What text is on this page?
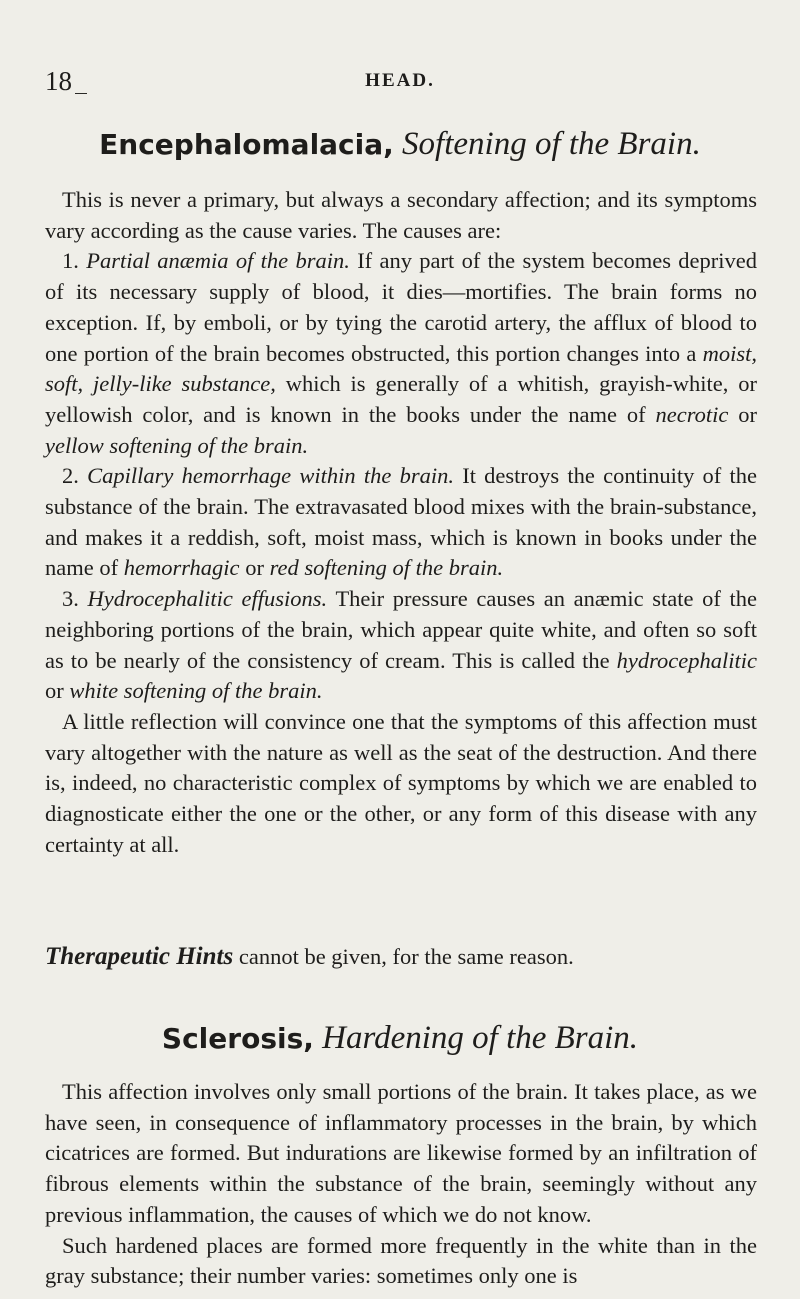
18	HEAD.
Encephalomalacia, Softening of the Brain.

This is never a primary, but always a secondary affection; and its symptoms vary according as the cause varies. The causes are:

1. Partial anæmia of the brain. If any part of the system becomes deprived of its necessary supply of blood, it dies—mortifies. The brain forms no exception. If, by emboli, or by tying the carotid artery, the afflux of blood to one portion of the brain becomes obstructed, this portion changes into a moist, soft, jelly-like substance, which is generally of a whitish, grayish-white, or yellowish color, and is known in the books under the name of necrotic or yellow softening of the brain.

2. Capillary hemorrhage within the brain. It destroys the continuity of the substance of the brain. The extravasated blood mixes with the brain-substance, and makes it a reddish, soft, moist mass, which is known in books under the name of hemorrhagic or red softening of the brain.

3. Hydrocephalitic effusions. Their pressure causes an anæmic state of the neighboring portions of the brain, which appear quite white, and often so soft as to be nearly of the consistency of cream. This is called the hydrocephalitic or white softening of the brain.

A little reflection will convince one that the symptoms of this affection must vary altogether with the nature as well as the seat of the destruction. And there is, indeed, no characteristic complex of symptoms by which we are enabled to diagnosticate either the one or the other, or any form of this disease with any certainty at all.

Therapeutic Hints cannot be given, for the same reason.
Sclerosis, Hardening of the Brain.

This affection involves only small portions of the brain. It takes place, as we have seen, in consequence of inflammatory processes in the brain, by which cicatrices are formed. But indurations are likewise formed by an infiltration of fibrous elements within the substance of the brain, seemingly without any previous inflammation, the causes of which we do not know.

Such hardened places are formed more frequently in the white than in the gray substance; their number varies: sometimes only one is
